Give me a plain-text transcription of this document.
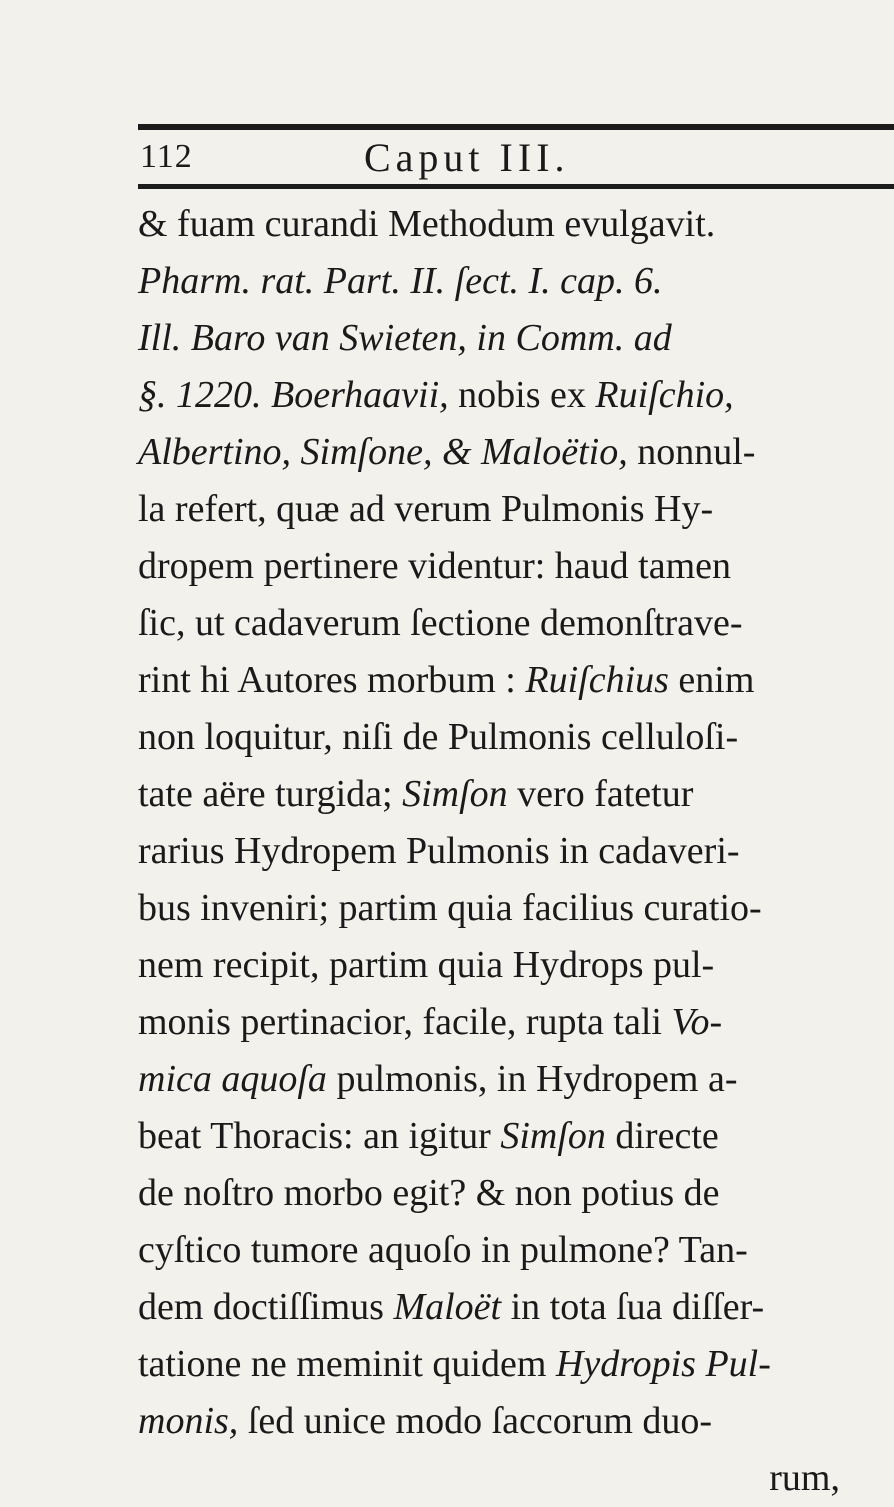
112	Caput III.
& fuam curandi Methodum evulgavit.
Pharm. rat. Part. II. ſect. I. cap. 6.
Ill. Baro van Swieten, in Comm. ad
§. 1220. Boerhaavii, nobis ex Ruiſchio,
Albertino, Simſone, & Maloëtio, nonnul-
la refert, quæ ad verum Pulmonis Hy-
dropem pertinere videntur: haud tamen
ſic, ut cadaverum ſectione demonſtrave-
rint hi Autores morbum : Ruiſchius enim
non loquitur, niſi de Pulmonis celluloſi-
tate aëre turgida; Simſon vero fatetur
rarius Hydropem Pulmonis in cadaveri-
bus inveniri; partim quia facilius curatio-
nem recipit, partim quia Hydrops pul-
monis pertinacior, facile, rupta tali Vo-
mica aquoſa pulmonis, in Hydropem a-
beat Thoracis: an igitur Simſon directe
de noſtro morbo egit? & non potius de
cyſtico tumore aquoſo in pulmone? Tan-
dem doctiſſimus Maloët in tota ſua diſſer-
tatione ne meminit quidem Hydropis Pul-
monis, ſed unice modo ſaccorum duo-
rum,
